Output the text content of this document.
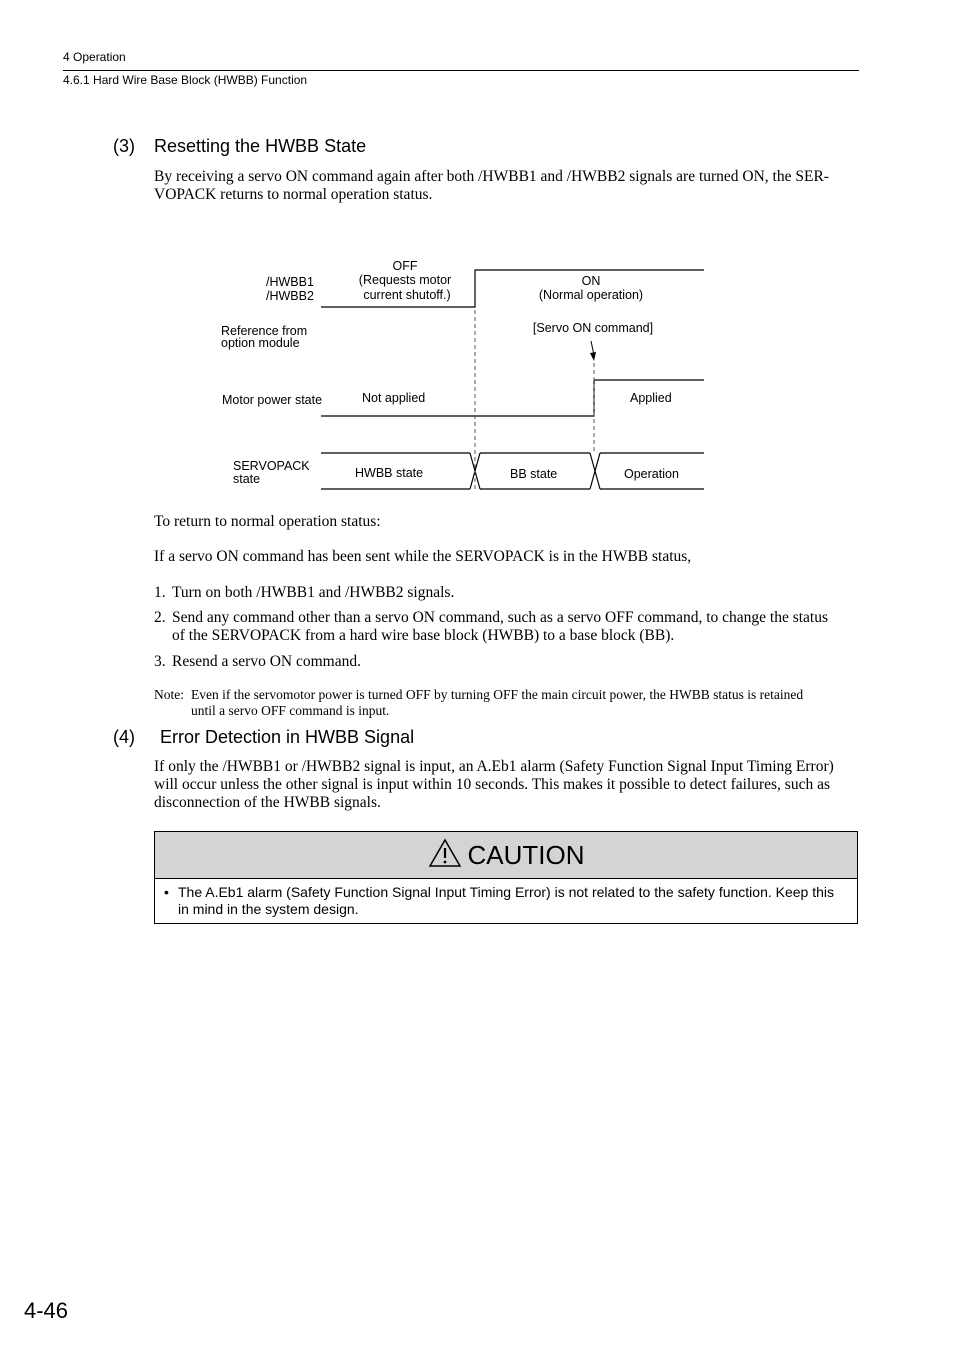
4 Operation
4.6.1 Hard Wire Base Block (HWBB) Function
(3) Resetting the HWBB State
By receiving a servo ON command again after both /HWBB1 and /HWBB2 signals are turned ON, the SER-
VOPACK returns to normal operation status.
/HWBB1
/HWBB2
OFF
(Requests motor
current shutoff.)
ON
(Normal operation)
Reference from
option module
[Servo ON command]
Motor power state	Not applied	Applied
SERVOPACK
state	HWBB state	BB state	Operation
To return to normal operation status:
If a servo ON command has been sent while the SERVOPACK is in the HWBB status,
1. Turn on both /HWBB1 and /HWBB2 signals.
2. Send any command other than a servo ON command, such as a servo OFF command, to change the status
of the SERVOPACK from a hard wire base block (HWBB) to a base block (BB).
3. Resend a servo ON command.
Note: Even if the servomotor power is turned OFF by turning OFF the main circuit power, the HWBB status is retained
until a servo OFF command is input.
(4) Error Detection in HWBB Signal
If only the /HWBB1 or /HWBB2 signal is input, an A.Eb1 alarm (Safety Function Signal Input Timing Error)
will occur unless the other signal is input within 10 seconds. This makes it possible to detect failures, such as
disconnection of the HWBB signals.
CAUTION
• The A.Eb1 alarm (Safety Function Signal Input Timing Error) is not related to the safety function. Keep this
in mind in the system design.
4-46
